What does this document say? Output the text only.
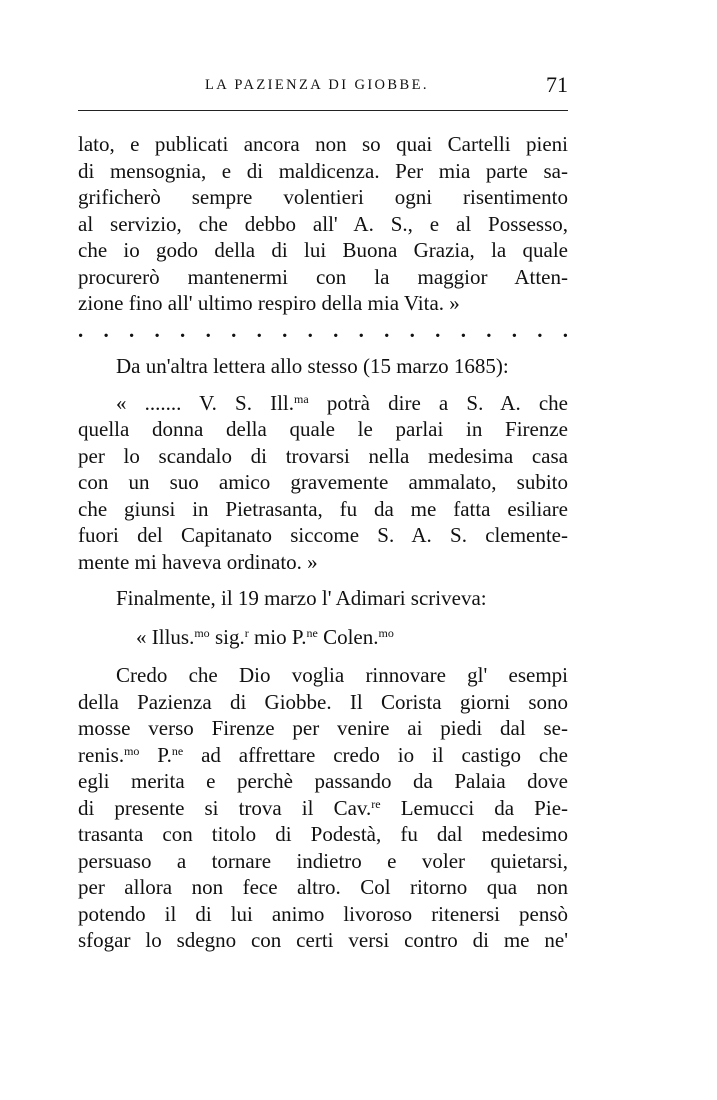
LA PAZIENZA DI GIOBBE.	71
lato, e publicati ancora non so quai Cartelli pieni
di mensognia, e di maldicenza. Per mia parte sa-
grificherò sempre volentieri ogni risentimento
al servizio, che debbo all' A. S., e al Possesso,
che io godo della di lui Buona Grazia, la quale
procurerò mantenermi con la maggior Atten-
zione fino all' ultimo respiro della mia Vita. »
. . . . . . . . . . . . . . . . . . . .
Da un'altra lettera allo stesso (15 marzo 1685):
« ....... V. S. Ill.$^{ma}$ potrà dire a S. A. che
quella donna della quale le parlai in Firenze
per lo scandalo di trovarsi nella medesima casa
con un suo amico gravemente ammalato, subito
che giunsi in Pietrasanta, fu da me fatta esiliare
fuori del Capitanato siccome S. A. S. clemente-
mente mi haveva ordinato. »
Finalmente, il 19 marzo l' Adimari scriveva:
« Illus.$^{mo}$ sig.$^r$ mio P.$^{ne}$ Colen.$^{mo}$
Credo che Dio voglia rinnovare gl' esempi
della Pazienza di Giobbe. Il Corista giorni sono
mosse verso Firenze per venire ai piedi dal se-
renis.$^{mo}$ P.$^{ne}$ ad affrettare credo io il castigo che
egli merita e perchè passando da Palaia dove
di presente si trova il Cav.$^{re}$ Lemucci da Pie-
trasanta con titolo di Podestà, fu dal medesimo
persuaso a tornare indietro e voler quietarsi,
per allora non fece altro. Col ritorno qua non
potendo il di lui animo livoroso ritenersi pensò
sfogar lo sdegno con certi versi contro di me ne'
